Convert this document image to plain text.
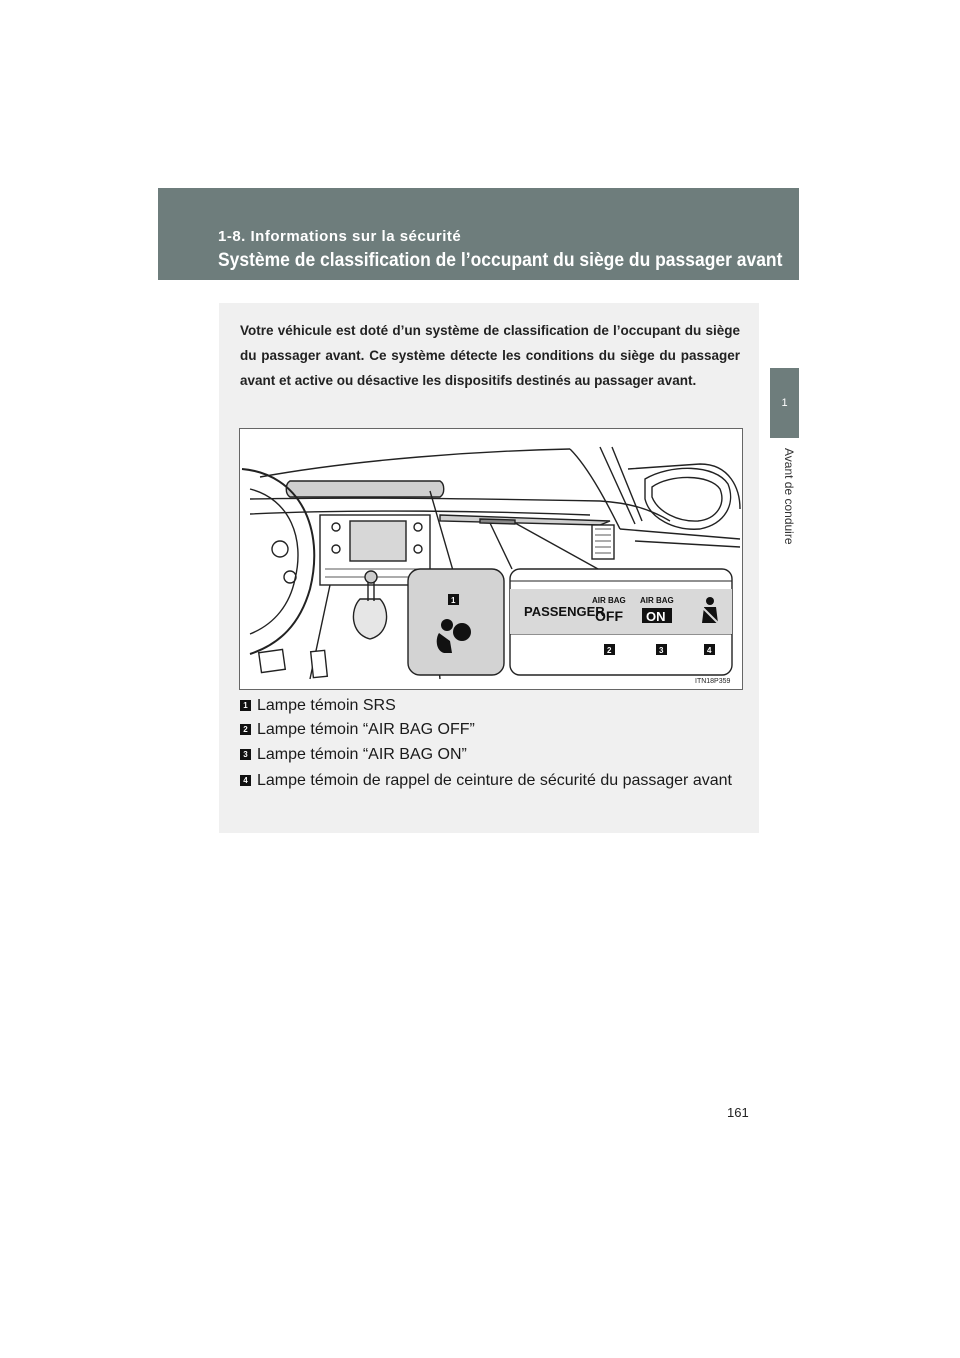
1-8. Informations sur la sécurité
Système de classification de l’occupant du siège du passager avant
1
Avant de conduire
Votre véhicule est doté d’un système de classification de l’occupant du siège du passager avant. Ce système détecte les conditions du siège du passager avant et active ou désactive les dispositifs destinés au passager avant.
PASSENGER
AIR BAG
OFF
AIR BAG
ON
1
2	3	4
ITN18P359
1 Lampe témoin SRS
2 Lampe témoin “AIR BAG OFF”
3 Lampe témoin “AIR BAG ON”
4 Lampe témoin de rappel de ceinture de sécurité du passager avant
161
